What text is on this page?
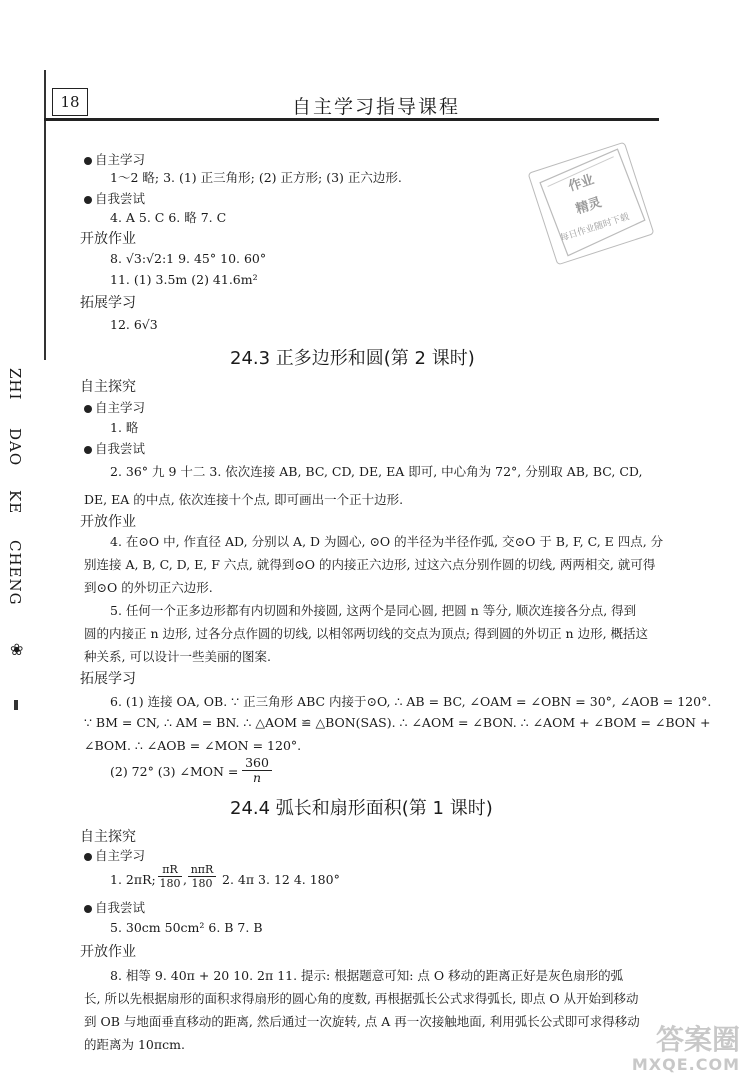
18	自主学习指导课程
ZHI
DAO
KE
CHENG
❀
作业
精灵
每日作业随时下载
自主学习
1～2 略; 3. (1) 正三角形; (2) 正方形; (3) 正六边形.
自我尝试
4. A 5. C 6. 略 7. C
开放作业
8. √3:√2:1 9. 45° 10. 60°
11. (1) 3.5m (2) 41.6m²
拓展学习
12. 6√3
24.3 正多边形和圆(第 2 课时)
自主探究
自主学习
1. 略
自我尝试
2. 36° 九 9 十二 3. 依次连接 AB, BC, CD, DE, EA 即可, 中心角为 72°, 分别取 AB, BC, CD,
DE, EA 的中点, 依次连接十个点, 即可画出一个正十边形.
开放作业
4. 在⊙O 中, 作直径 AD, 分别以 A, D 为圆心, ⊙O 的半径为半径作弧, 交⊙O 于 B, F, C, E 四点, 分
别连接 A, B, C, D, E, F 六点, 就得到⊙O 的内接正六边形, 过这六点分别作圆的切线, 两两相交, 就可得
到⊙O 的外切正六边形.
5. 任何一个正多边形都有内切圆和外接圆, 这两个是同心圆, 把圆 n 等分, 顺次连接各分点, 得到
圆的内接正 n 边形, 过各分点作圆的切线, 以相邻两切线的交点为顶点; 得到圆的外切正 n 边形, 概括这
种关系, 可以设计一些美丽的图案.
拓展学习
6. (1) 连接 OA, OB. ∵ 正三角形 ABC 内接于⊙O, ∴ AB = BC, ∠OAM = ∠OBN = 30°, ∠AOB = 120°.
∵ BM = CN, ∴ AM = BN. ∴ △AOM ≌ △BON(SAS). ∴ ∠AOM = ∠BON. ∴ ∠AOM + ∠BOM = ∠BON +
∠BOM. ∴ ∠AOB = ∠MON = 120°.
(2) 72° (3) ∠MON =
360
n
24.4 弧长和扇形面积(第 1 课时)
自主探究
自主学习
1. 2πR;
πR
180 ,
nπR
180 2. 4π 3. 12 4. 180°
自我尝试
5. 30cm 50cm² 6. B 7. B
开放作业
8. 相等 9. 40π + 20 10. 2π 11. 提示: 根据题意可知: 点 O 移动的距离正好是灰色扇形的弧
长, 所以先根据扇形的面积求得扇形的圆心角的度数, 再根据弧长公式求得弧长, 即点 O 从开始到移动
到 OB 与地面垂直移动的距离, 然后通过一次旋转, 点 A 再一次接触地面, 利用弧长公式即可求得移动
的距离为 10πcm.	答案圈
MXQE.COM
